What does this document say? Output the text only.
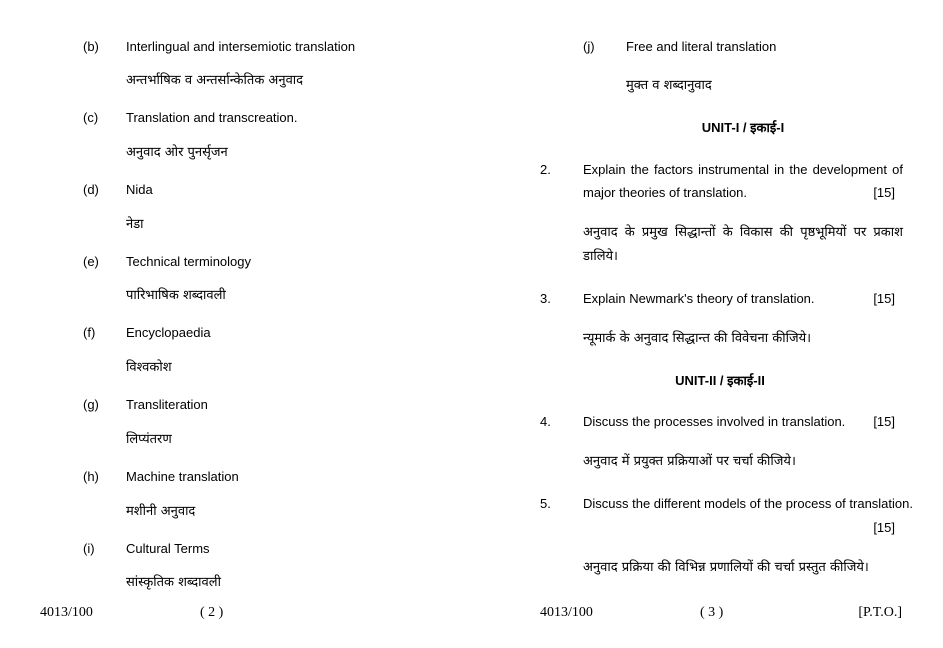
(b) Interlingual and intersemiotic translation
अन्तर्भाषिक व अन्तर्सान्केतिक अनुवाद
(c) Translation and transcreation.
अनुवाद ओर पुनर्सृजन
(d) Nida
नेडा
(e) Technical terminology
पारिभाषिक शब्दावली
(f) Encyclopaedia
विश्वकोश
(g) Transliteration
लिप्यंतरण
(h) Machine translation
मशीनी अनुवाद
(i) Cultural Terms
सांस्कृतिक शब्दावली
4013/100	( 2 )
(j) Free and literal translation
मुक्त व शब्दानुवाद
UNIT-I / इकाई-I
2. Explain the factors instrumental in the development of
major theories of translation.	[15]
अनुवाद के प्रमुख सिद्धान्तों के विकास की पृष्ठभूमियों पर प्रकाश
डालिये।
3. Explain Newmark's theory of translation.	[15]
न्यूमार्क के अनुवाद सिद्धान्त की विवेचना कीजिये।
UNIT-II / इकाई-II
4. Discuss the processes involved in translation.	[15]
अनुवाद में प्रयुक्त प्रक्रियाओं पर चर्चा कीजिये।
5. Discuss the different models of the process of translation.
[15]
अनुवाद प्रक्रिया की विभिन्न प्रणालियों की चर्चा प्रस्तुत कीजिये।
4013/100	( 3 )	[P.T.O.]
